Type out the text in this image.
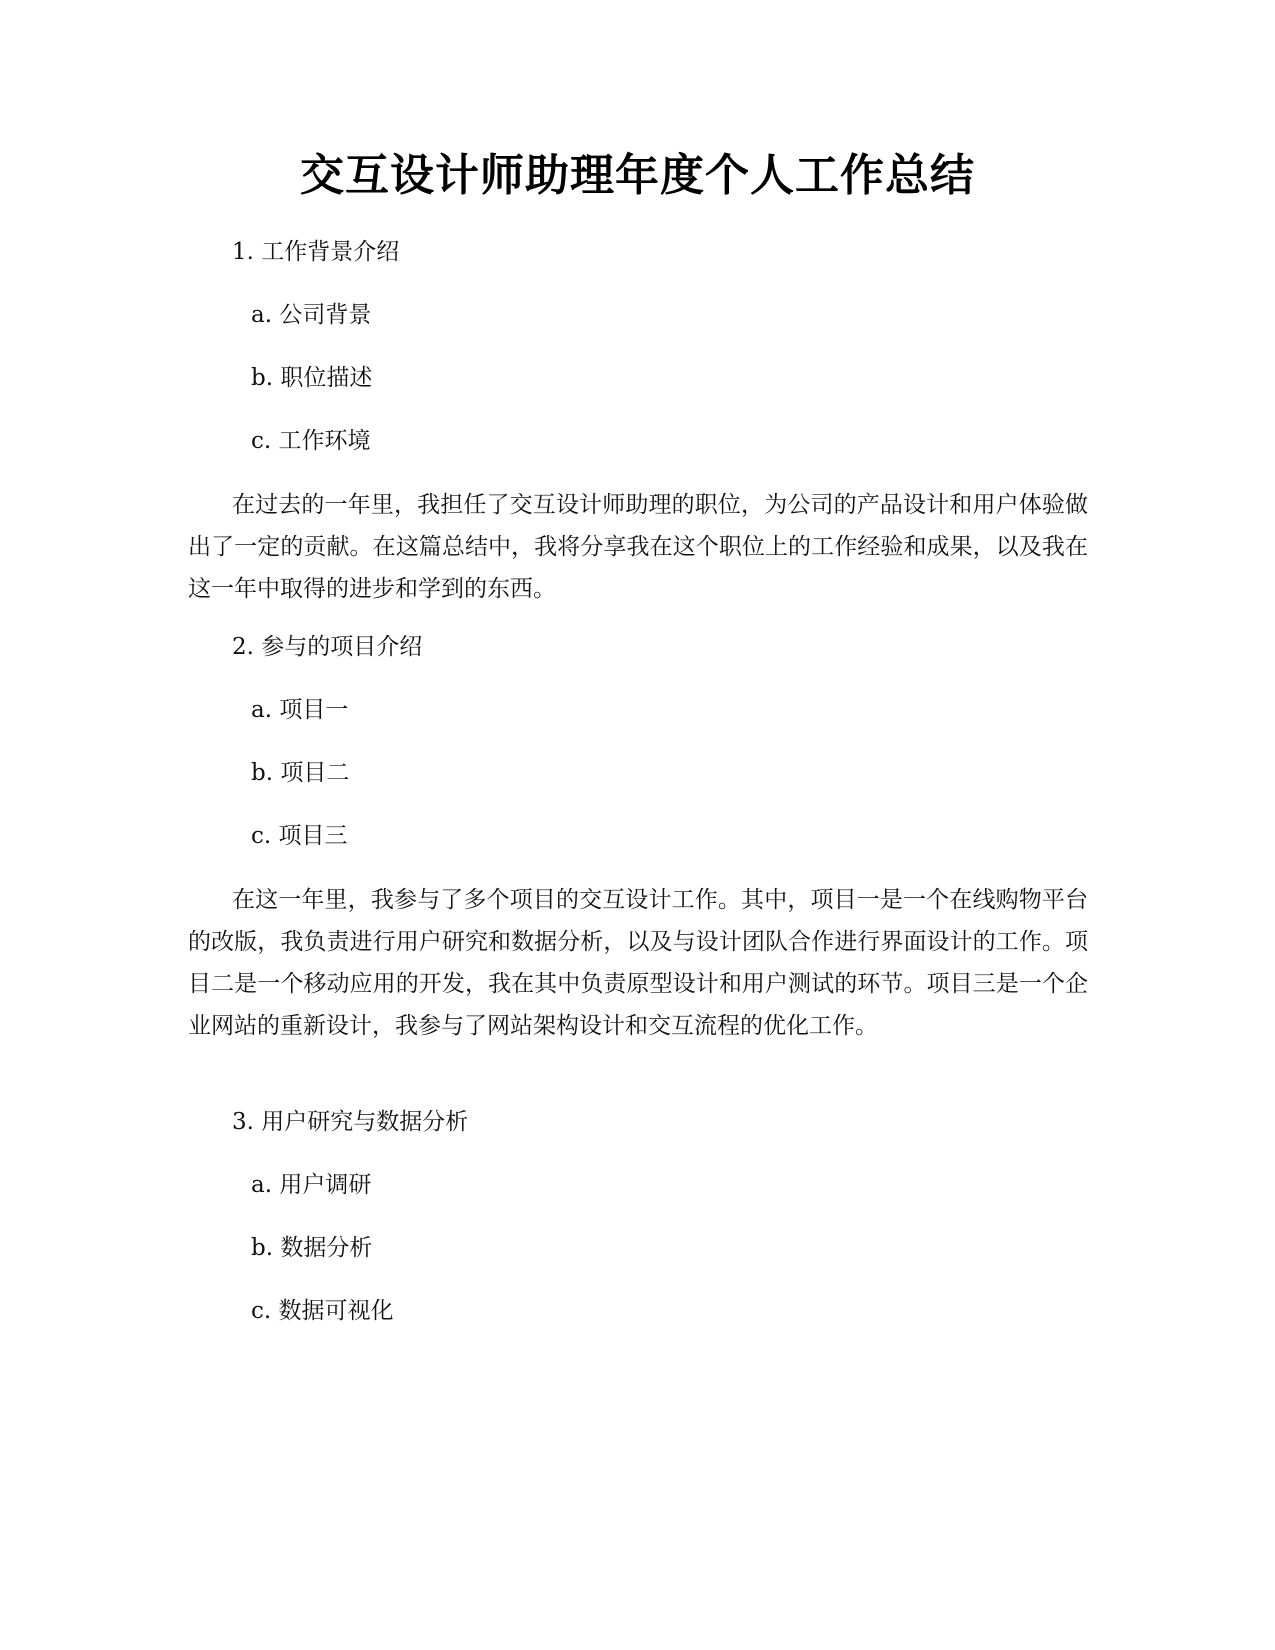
交互设计师助理年度个人工作总结
1. 工作背景介绍
a. 公司背景
b. 职位描述
c. 工作环境
在过去的一年里，我担任了交互设计师助理的职位，为公司的产品设计和用户体验做出了一定的贡献。在这篇总结中，我将分享我在这个职位上的工作经验和成果，以及我在这一年中取得的进步和学到的东西。
2. 参与的项目介绍
a. 项目一
b. 项目二
c. 项目三
在这一年里，我参与了多个项目的交互设计工作。其中，项目一是一个在线购物平台的改版，我负责进行用户研究和数据分析，以及与设计团队合作进行界面设计的工作。项目二是一个移动应用的开发，我在其中负责原型设计和用户测试的环节。项目三是一个企业网站的重新设计，我参与了网站架构设计和交互流程的优化工作。
3. 用户研究与数据分析
a. 用户调研
b. 数据分析
c. 数据可视化
